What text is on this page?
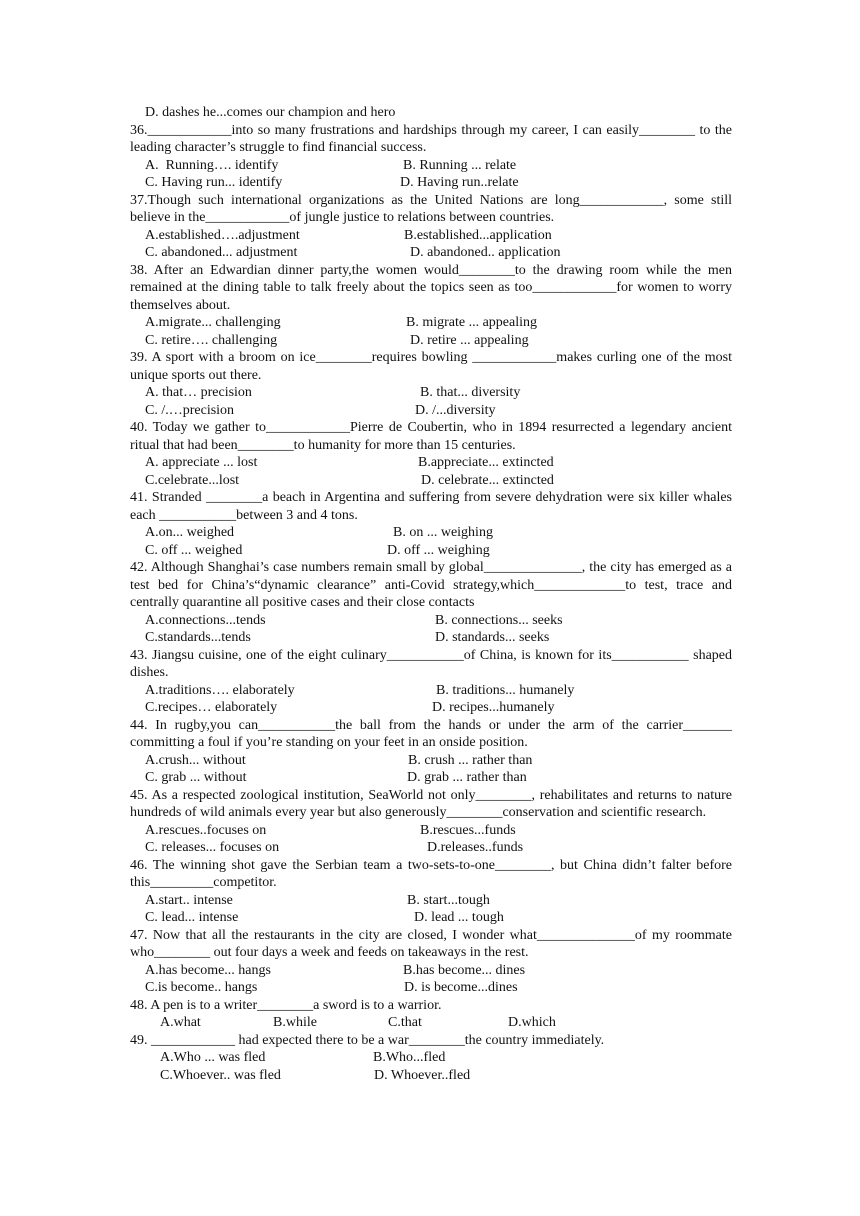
D. dashes he...comes our champion and hero

36.____________into so many frustrations and hardships through my career, I can easily________ to the leading character’s struggle to find financial success.

A.  Running…. identify	B. Running ... relate
C. Having run... identify	D. Having run..relate

37.Though such international organizations as the United Nations are long____________, some still believe in the____________of jungle justice to relations between countries.

A.established….adjustment	B.established...application
C. abandoned... adjustment	D. abandoned.. application

38. After an Edwardian dinner party,the women would________to the drawing room while the men remained at the dining table to talk freely about the topics seen as too____________for women to worry themselves about.

A.migrate... challenging	B. migrate ... appealing
C. retire…. challenging	D. retire ... appealing

39. A sport with a broom on ice________requires bowling ____________makes curling one of the most unique sports out there.

A. that… precision	B. that... diversity
C. /.…precision	D. /...diversity

40. Today we gather to____________Pierre de Coubertin, who in 1894 resurrected a legendary ancient ritual that had been________to humanity for more than 15 centuries.

A. appreciate ... lost	B.appreciate... extincted
C.celebrate...lost	D. celebrate... extincted

41. Stranded ________a beach in Argentina and suffering from severe dehydration were six killer whales each ___________between 3 and 4 tons.

A.on... weighed	B. on ... weighing
C. off ... weighed	D. off ... weighing

42. Although Shanghai’s case numbers remain small by global______________, the city has emerged as a test bed for China’s“dynamic clearance” anti-Covid strategy,which_____________to test, trace and centrally quarantine all positive cases and their close contacts

A.connections...tends	B. connections... seeks
C.standards...tends	D. standards... seeks

43. Jiangsu cuisine, one of the eight culinary___________of China, is known for its___________ shaped dishes.

A.traditions…. elaborately	B. traditions... humanely
C.recipes… elaborately	D. recipes...humanely

44. In rugby,you can___________the ball from the hands or under the arm of the carrier_______ committing a foul if you’re standing on your feet in an onside position.

A.crush... without	B. crush ... rather than
C. grab ... without	D. grab ... rather than

45. As a respected zoological institution, SeaWorld not only________, rehabilitates and returns to nature hundreds of wild animals every year but also generously________conservation and scientific research.

A.rescues..focuses on	B.rescues...funds
C. releases... focuses on	D.releases..funds

46. The winning shot gave the Serbian team a two-sets-to-one________, but China didn’t falter before this_________competitor.

A.start.. intense	B. start...tough
C. lead... intense	D. lead ... tough

47. Now that all the restaurants in the city are closed, I wonder what______________of my roommate who________ out four days a week and feeds on takeaways in the rest.

A.has become... hangs	B.has become... dines
C.is become.. hangs	D. is become...dines

48. A pen is to a writer________a sword is to a warrior.

A.what	B.while	C.that	D.which

49. ____________ had expected there to be a war________the country immediately.

A.Who ... was fled	B.Who...fled
C.Whoever.. was fled	D. Whoever..fled
